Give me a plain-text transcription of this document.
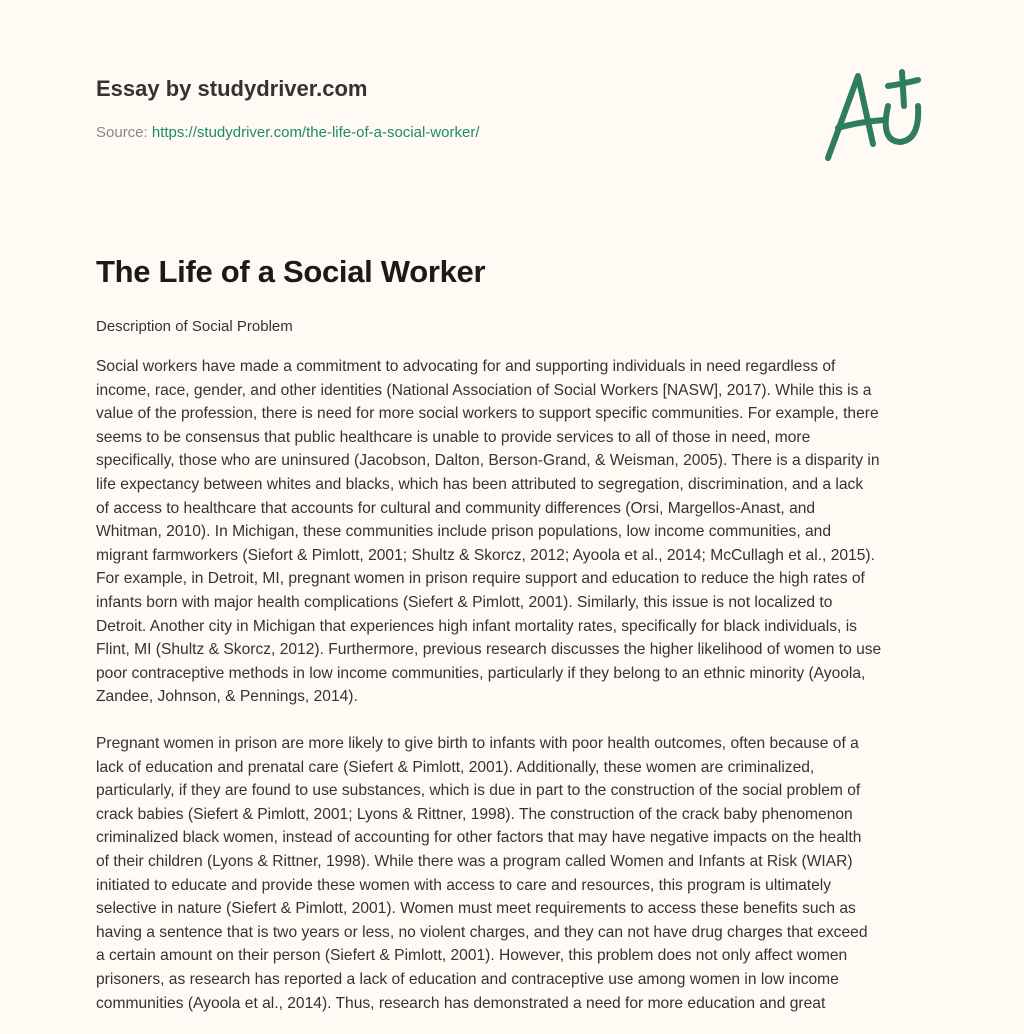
Essay by studydriver.com
Source: https://studydriver.com/the-life-of-a-social-worker/
The Life of a Social Worker
Description of Social Problem
Social workers have made a commitment to advocating for and supporting individuals in need regardless of
income, race, gender, and other identities (National Association of Social Workers [NASW], 2017). While this is a
value of the profession, there is need for more social workers to support specific communities. For example, there
seems to be consensus that public healthcare is unable to provide services to all of those in need, more
specifically, those who are uninsured (Jacobson, Dalton, Berson-Grand, & Weisman, 2005). There is a disparity in
life expectancy between whites and blacks, which has been attributed to segregation, discrimination, and a lack
of access to healthcare that accounts for cultural and community differences (Orsi, Margellos-Anast, and
Whitman, 2010). In Michigan, these communities include prison populations, low income communities, and
migrant farmworkers (Siefort & Pimlott, 2001; Shultz & Skorcz, 2012; Ayoola et al., 2014; McCullagh et al., 2015).
For example, in Detroit, MI, pregnant women in prison require support and education to reduce the high rates of
infants born with major health complications (Siefert & Pimlott, 2001). Similarly, this issue is not localized to
Detroit. Another city in Michigan that experiences high infant mortality rates, specifically for black individuals, is
Flint, MI (Shultz & Skorcz, 2012). Furthermore, previous research discusses the higher likelihood of women to use
poor contraceptive methods in low income communities, particularly if they belong to an ethnic minority (Ayoola,
Zandee, Johnson, & Pennings, 2014).
Pregnant women in prison are more likely to give birth to infants with poor health outcomes, often because of a
lack of education and prenatal care (Siefert & Pimlott, 2001). Additionally, these women are criminalized,
particularly, if they are found to use substances, which is due in part to the construction of the social problem of
crack babies (Siefert & Pimlott, 2001; Lyons & Rittner, 1998). The construction of the crack baby phenomenon
criminalized black women, instead of accounting for other factors that may have negative impacts on the health
of their children (Lyons & Rittner, 1998). While there was a program called Women and Infants at Risk (WIAR)
initiated to educate and provide these women with access to care and resources, this program is ultimately
selective in nature (Siefert & Pimlott, 2001). Women must meet requirements to access these benefits such as
having a sentence that is two years or less, no violent charges, and they can not have drug charges that exceed
a certain amount on their person (Siefert & Pimlott, 2001). However, this problem does not only affect women
prisoners, as research has reported a lack of education and contraceptive use among women in low income
communities (Ayoola et al., 2014). Thus, research has demonstrated a need for more education and great
